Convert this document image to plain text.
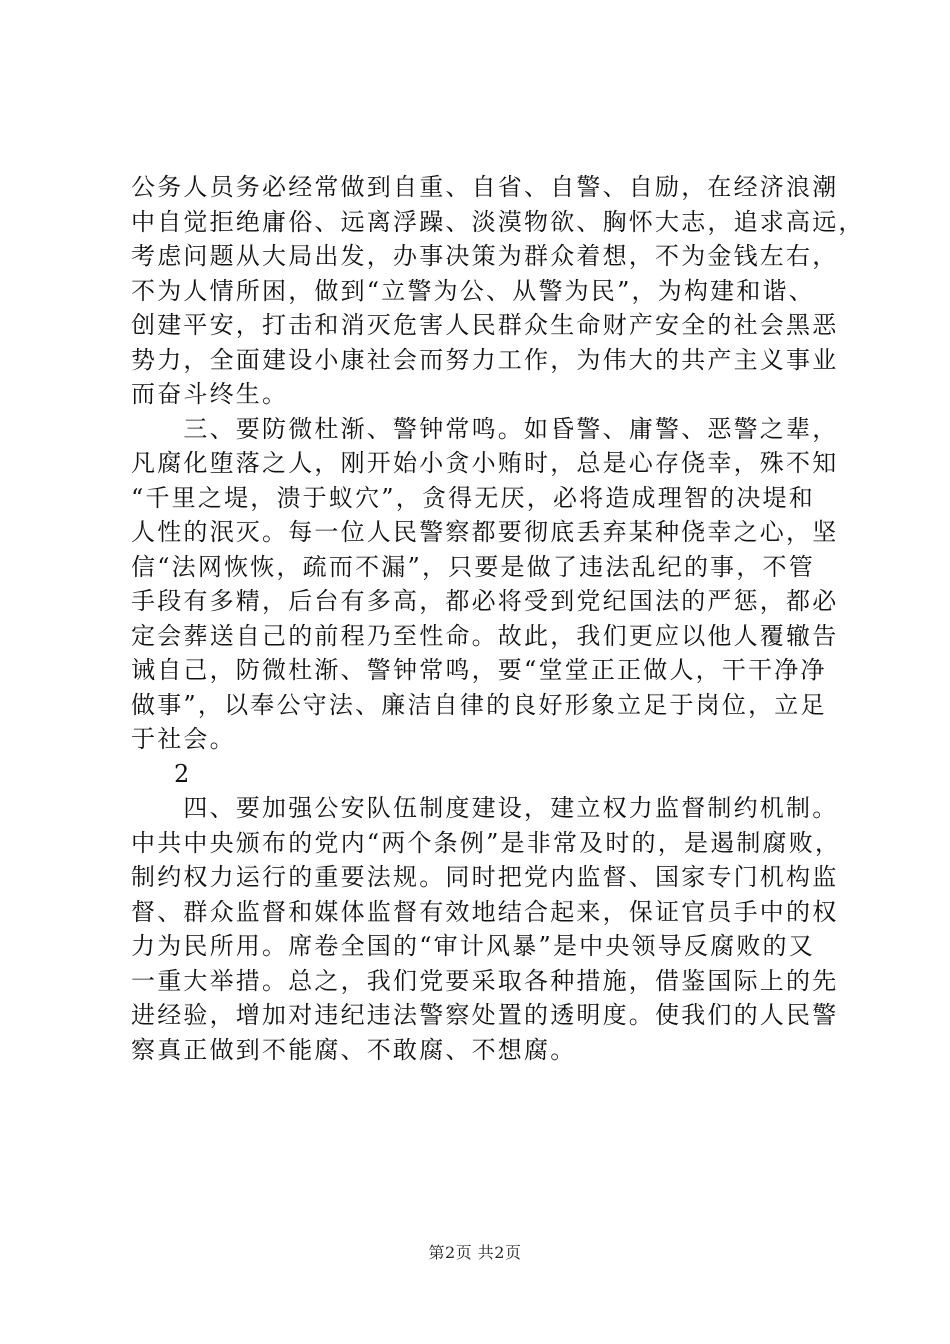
公务人员务必经常做到自重、自省、自警、自励，在经济浪潮
中自觉拒绝庸俗、远离浮躁、淡漠物欲、胸怀大志，追求高远，
考虑问题从大局出发，办事决策为群众着想，不为金钱左右，
不为人情所困，做到“立警为公、从警为民”，为构建和谐、
创建平安，打击和消灭危害人民群众生命财产安全的社会黑恶
势力，全面建设小康社会而努力工作，为伟大的共产主义事业
而奋斗终生。
　　三、要防微杜渐、警钟常鸣。如昏警、庸警、恶警之辈，
凡腐化堕落之人，刚开始小贪小贿时，总是心存侥幸，殊不知
“千里之堤，溃于蚁穴”，贪得无厌，必将造成理智的决堤和
人性的泯灭。每一位人民警察都要彻底丢弃某种侥幸之心，坚
信“法网恢恢，疏而不漏”，只要是做了违法乱纪的事，不管
手段有多精，后台有多高，都必将受到党纪国法的严惩，都必
定会葬送自己的前程乃至性命。故此，我们更应以他人覆辙告
诫自己，防微杜渐、警钟常鸣，要“堂堂正正做人，干干净净
做事”，以奉公守法、廉洁自律的良好形象立足于岗位，立足
于社会。
2
　　四、要加强公安队伍制度建设，建立权力监督制约机制。
中共中央颁布的党内“两个条例”是非常及时的，是遏制腐败，
制约权力运行的重要法规。同时把党内监督、国家专门机构监
督、群众监督和媒体监督有效地结合起来，保证官员手中的权
力为民所用。席卷全国的“审计风暴”是中央领导反腐败的又
一重大举措。总之，我们党要采取各种措施，借鉴国际上的先
进经验，增加对违纪违法警察处置的透明度。使我们的人民警
察真正做到不能腐、不敢腐、不想腐。
第2页 共2页
